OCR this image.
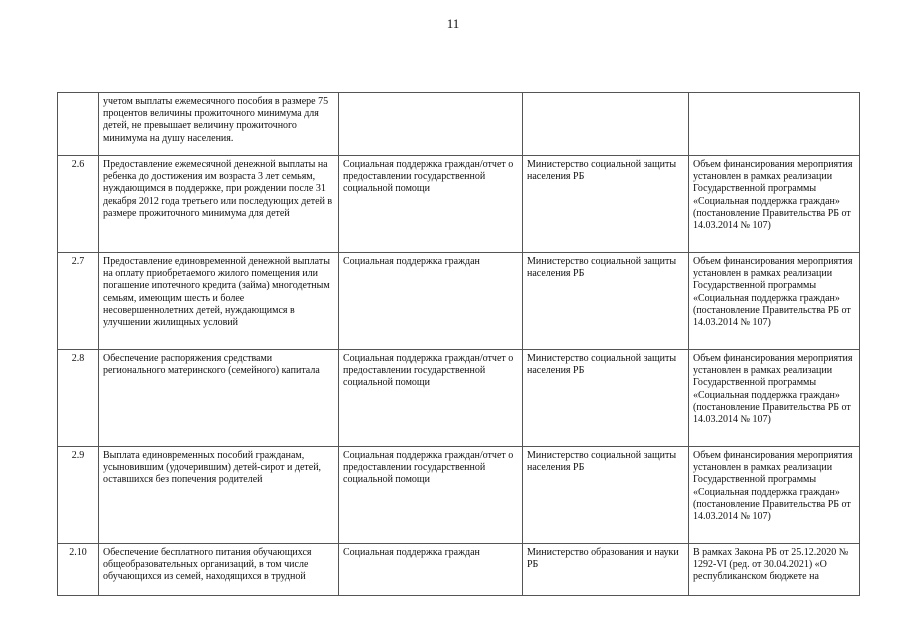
11
	учетом выплаты ежемесячного пособия в размере 75 процентов величины прожиточного минимума для детей, не превышает величину прожиточного минимума на душу населения.			
2.6	Предоставление ежемесячной денежной выплаты на ребенка до достижения им возраста 3 лет семьям, нуждающимся в поддержке, при рождении после 31 декабря 2012 года третьего или последующих детей в размере прожиточного минимума для детей	Социальная поддержка граждан/отчет о предоставлении государственной социальной помощи	Министерство социальной защиты населения РБ	Объем финансирования мероприятия установлен в рамках реализации Государственной программы «Социальная поддержка граждан» (постановление Правительства РБ от 14.03.2014 № 107)
2.7	Предоставление единовременной денежной выплаты на оплату приобретаемого жилого помещения или погашение ипотечного кредита (займа) многодетным семьям, имеющим шесть и более несовершеннолетних детей, нуждающимся в улучшении жилищных условий	Социальная поддержка граждан	Министерство социальной защиты населения РБ	Объем финансирования мероприятия установлен в рамках реализации Государственной программы «Социальная поддержка граждан» (постановление Правительства РБ от 14.03.2014 № 107)
2.8	Обеспечение распоряжения средствами регионального материнского (семейного) капитала	Социальная поддержка граждан/отчет о предоставлении государственной социальной помощи	Министерство социальной защиты населения РБ	Объем финансирования мероприятия установлен в рамках реализации Государственной программы «Социальная поддержка граждан» (постановление Правительства РБ от 14.03.2014 № 107)
2.9	Выплата единовременных пособий гражданам, усыновившим (удочерившим) детей-сирот и детей, оставшихся без попечения родителей	Социальная поддержка граждан/отчет о предоставлении государственной социальной помощи	Министерство социальной защиты населения РБ	Объем финансирования мероприятия установлен в рамках реализации Государственной программы «Социальная поддержка граждан» (постановление Правительства РБ от 14.03.2014 № 107)
2.10	Обеспечение бесплатного питания обучающихся общеобразовательных организаций, в том числе обучающихся из семей, находящихся в трудной	Социальная поддержка граждан	Министерство образования и науки РБ	В рамках Закона РБ от 25.12.2020 № 1292-VI (ред. от 30.04.2021) «О республиканском бюджете на
